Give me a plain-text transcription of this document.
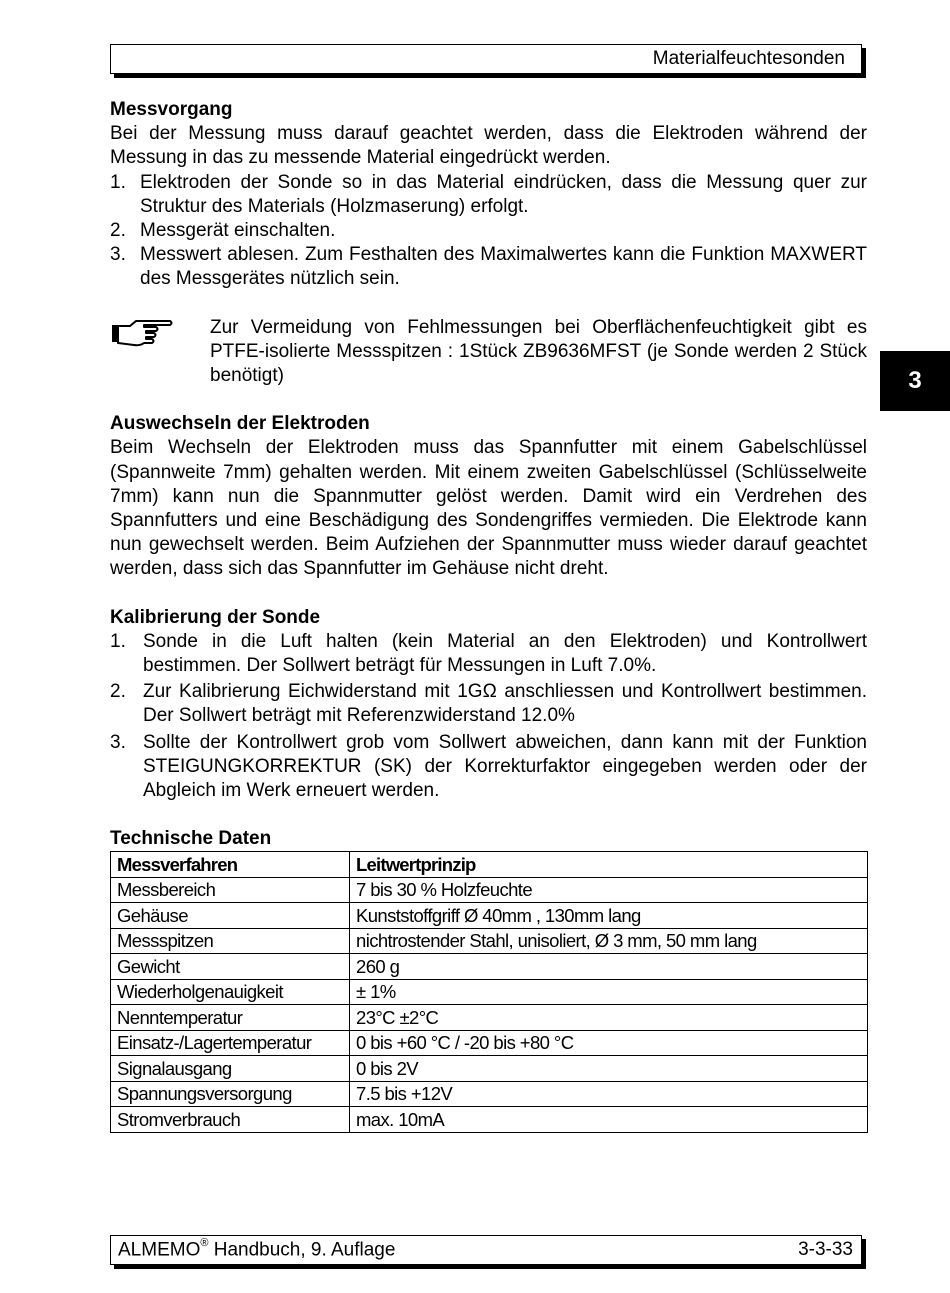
Materialfeuchtesonden
3
Messvorgang

Bei der Messung muss darauf geachtet werden, dass die Elektroden während der Messung in das zu messende Material eingedrückt werden.

1. Elektroden der Sonde so in das Material eindrücken, dass die Messung quer zur Struktur des Materials (Holzmaserung) erfolgt.
2. Messgerät einschalten.
3. Messwert ablesen. Zum Festhalten des Maximalwertes kann die Funktion MAXWERT des Messgerätes nützlich sein.
Zur Vermeidung von Fehlmessungen bei Oberflächenfeuchtigkeit gibt es PTFE-isolierte Messspitzen : 1Stück ZB9636MFST (je Sonde werden 2 Stück benötigt)
Auswechseln der Elektroden

Beim Wechseln der Elektroden muss das Spannfutter mit einem Gabelschlüssel (Spannweite 7mm) gehalten werden. Mit einem zweiten Gabelschlüssel (Schlüsselweite 7mm) kann nun die Spannmutter gelöst werden. Damit wird ein Verdrehen des Spannfutters und eine Beschädigung des Sondengriffes vermieden. Die Elektrode kann nun gewechselt werden. Beim Aufziehen der Spannmutter muss wieder darauf geachtet werden, dass sich das Spannfutter im Gehäuse nicht dreht.

Kalibrierung der Sonde
1. Sonde in die Luft halten (kein Material an den Elektroden) und Kontrollwert bestimmen. Der Sollwert beträgt für Messungen in Luft 7.0%.
2. Zur Kalibrierung Eichwiderstand mit 1GΩ anschliessen und Kontrollwert bestimmen. Der Sollwert beträgt mit Referenzwiderstand 12.0%
3. Sollte der Kontrollwert grob vom Sollwert abweichen, dann kann mit der Funktion STEIGUNGKORREKTUR (SK) der Korrekturfaktor eingegeben werden oder der Abgleich im Werk erneuert werden.
Technische Daten
Messverfahren	Leitwertprinzip
Messbereich	7 bis 30 % Holzfeuchte
Gehäuse	Kunststoffgriff Ø 40mm , 130mm lang
Messspitzen	nichtrostender Stahl, unisoliert, Ø 3 mm, 50 mm lang
Gewicht	260 g
Wiederholgenauigkeit	± 1%
Nenntemperatur	23°C ±2°C
Einsatz-/Lagertemperatur	0 bis +60 °C / -20 bis +80 °C
Signalausgang	0 bis 2V
Spannungsversorgung	7.5 bis +12V
Stromverbrauch	max. 10mA
ALMEMO® Handbuch, 9. Auflage	3-3-33
